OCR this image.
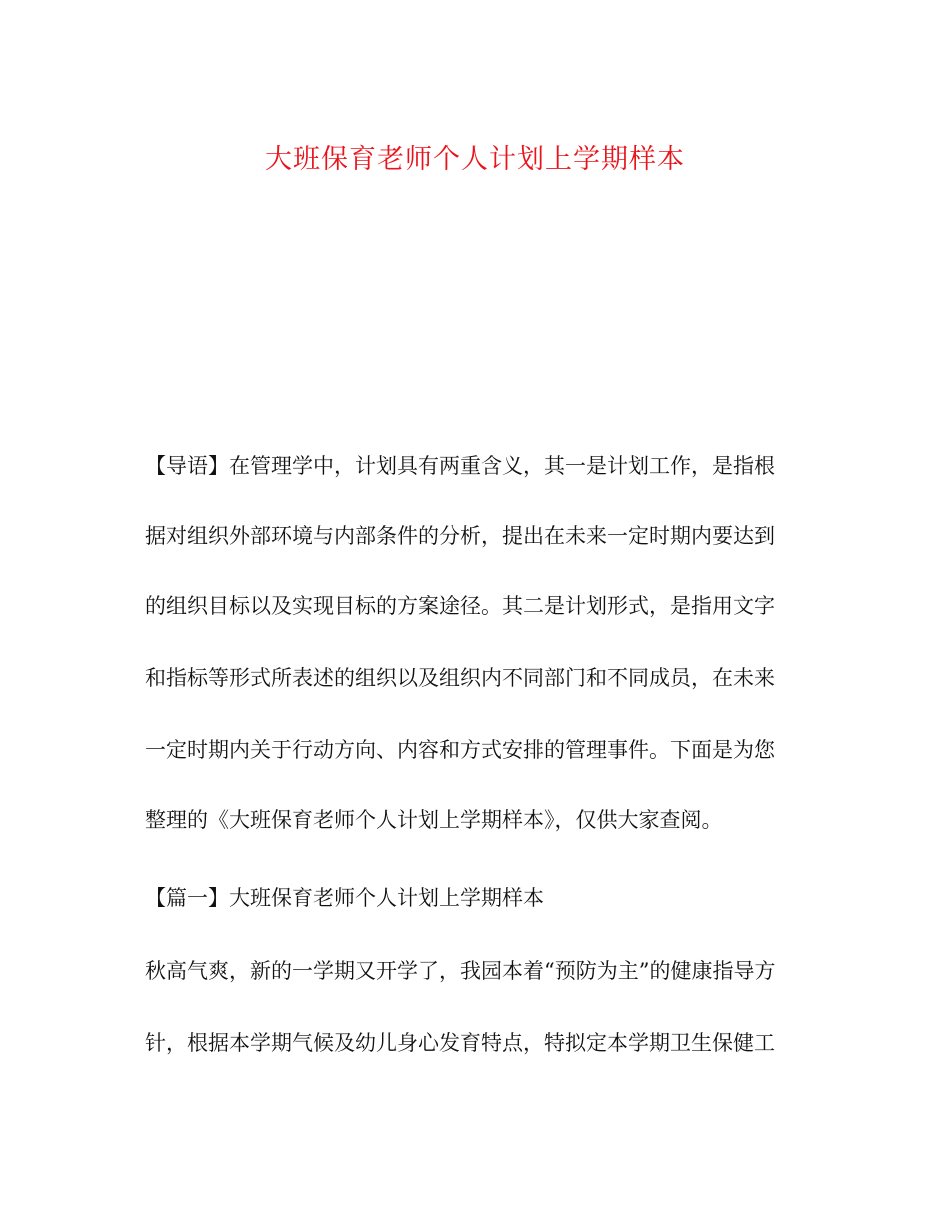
大班保育老师个人计划上学期样本

【导语】在管理学中，计划具有两重含义，其一是计划工作，是指根

据对组织外部环境与内部条件的分析，提出在未来一定时期内要达到

的组织目标以及实现目标的方案途径。其二是计划形式，是指用文字

和指标等形式所表述的组织以及组织内不同部门和不同成员，在未来

一定时期内关于行动方向、内容和方式安排的管理事件。下面是为您

整理的《大班保育老师个人计划上学期样本》，仅供大家查阅。

【篇一】大班保育老师个人计划上学期样本

秋高气爽，新的一学期又开学了，我园本着“预防为主”的健康指导方

针，根据本学期气候及幼儿身心发育特点，特拟定本学期卫生保健工
